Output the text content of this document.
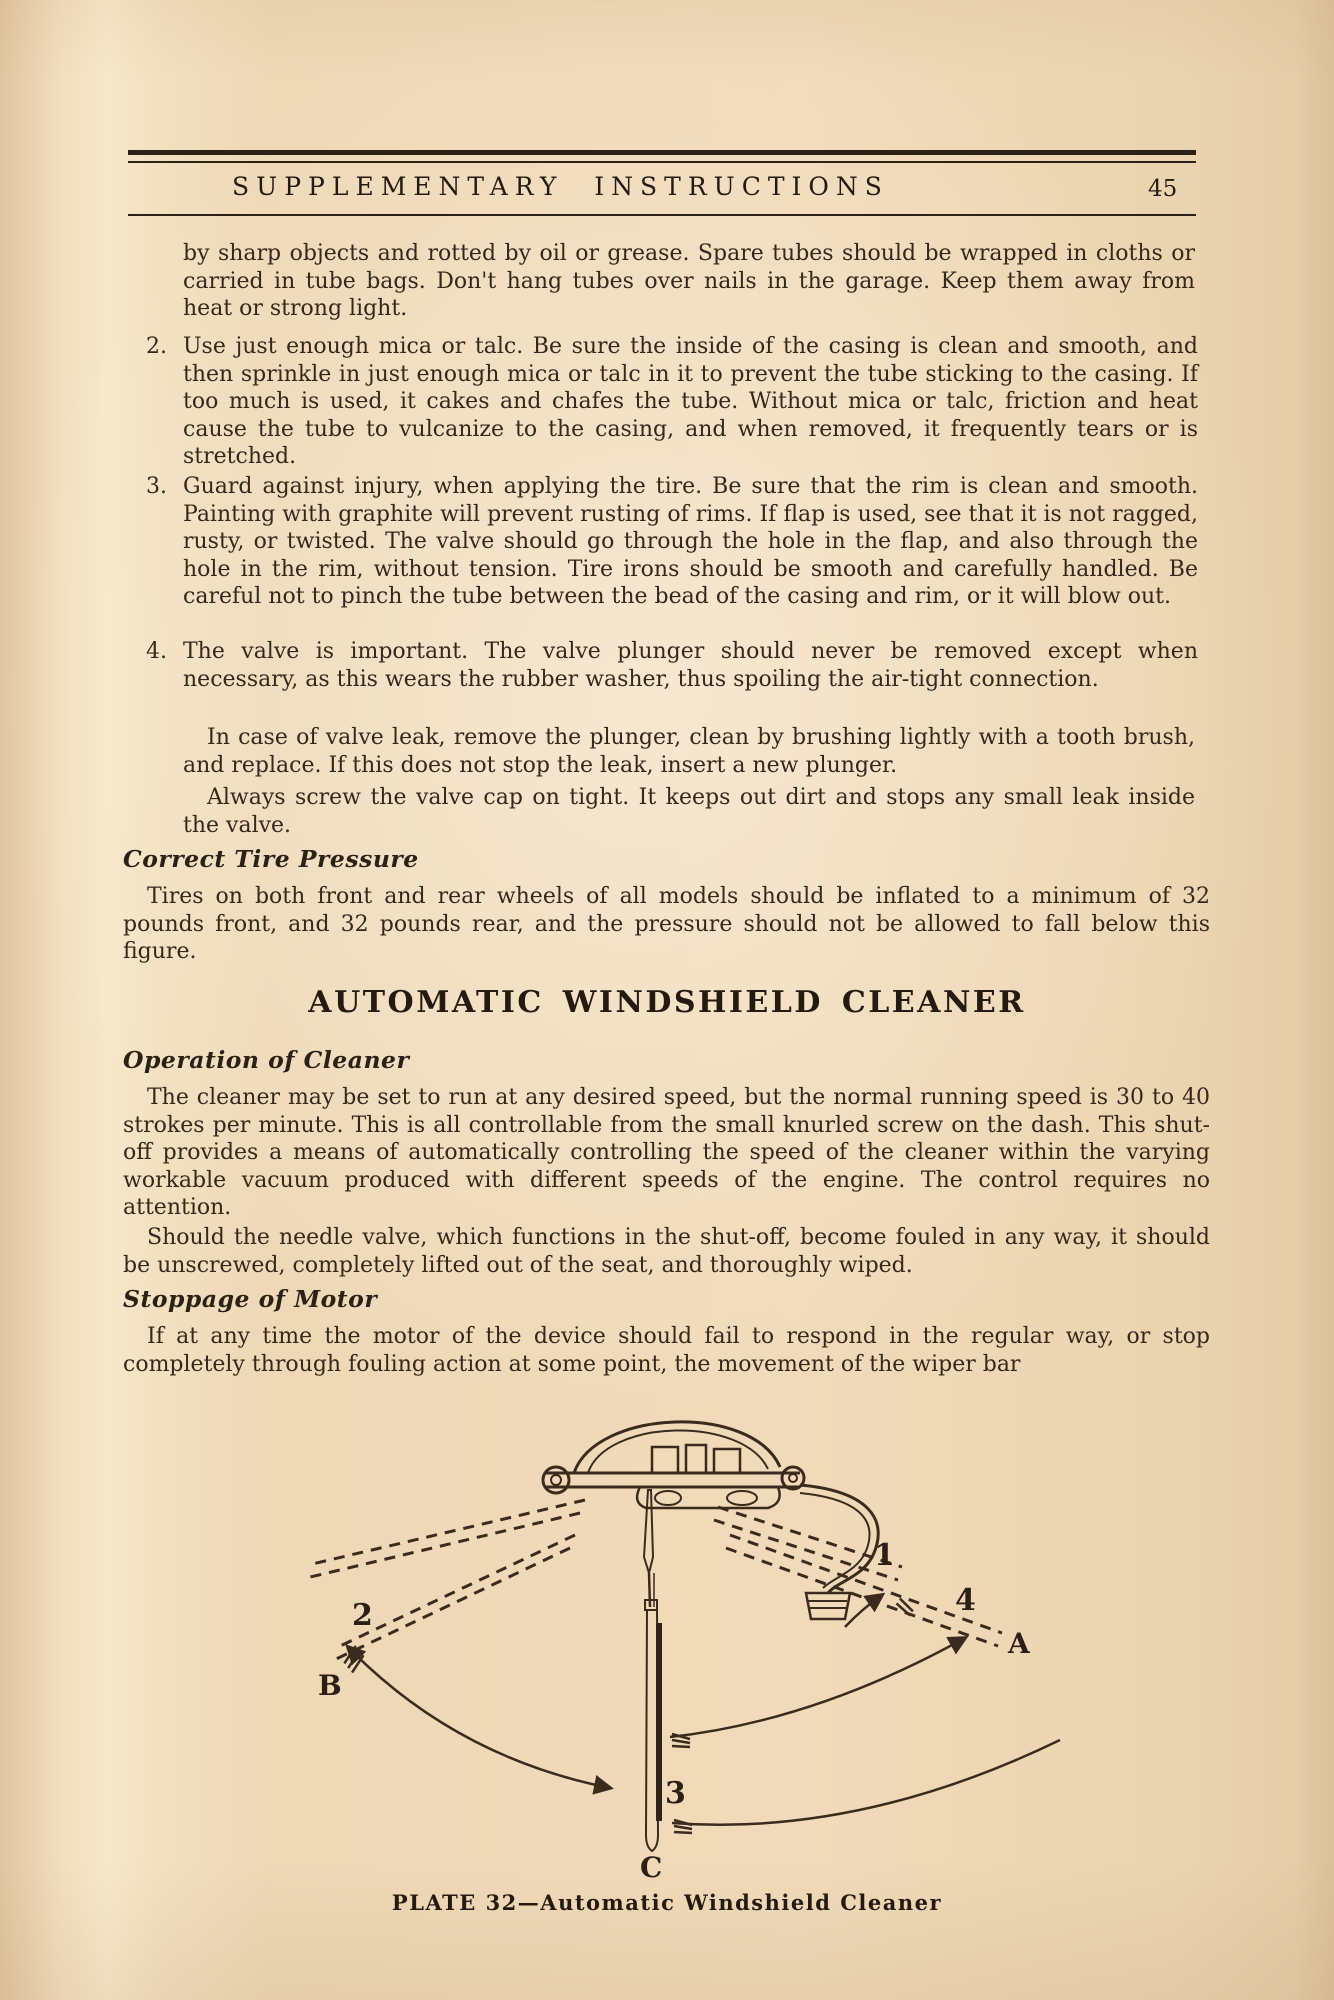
SUPPLEMENTARY INSTRUCTIONS	45
by sharp objects and rotted by oil or grease. Spare tubes should be wrapped in cloths or carried in tube bags. Don't hang tubes over nails in the garage. Keep them away from heat or strong light.
2. Use just enough mica or talc. Be sure the inside of the casing is clean and smooth, and then sprinkle in just enough mica or talc in it to prevent the tube sticking to the casing. If too much is used, it cakes and chafes the tube. Without mica or talc, friction and heat cause the tube to vulcanize to the casing, and when removed, it frequently tears or is stretched.
3. Guard against injury, when applying the tire. Be sure that the rim is clean and smooth. Painting with graphite will prevent rusting of rims. If flap is used, see that it is not ragged, rusty, or twisted. The valve should go through the hole in the flap, and also through the hole in the rim, without tension. Tire irons should be smooth and carefully handled. Be careful not to pinch the tube between the bead of the casing and rim, or it will blow out.
4. The valve is important. The valve plunger should never be removed except when necessary, as this wears the rubber washer, thus spoiling the air-tight connection.
In case of valve leak, remove the plunger, clean by brushing lightly with a tooth brush, and replace. If this does not stop the leak, insert a new plunger.
Always screw the valve cap on tight. It keeps out dirt and stops any small leak inside the valve.
Correct Tire Pressure
Tires on both front and rear wheels of all models should be inflated to a minimum of 32 pounds front, and 32 pounds rear, and the pressure should not be allowed to fall below this figure.
AUTOMATIC WINDSHIELD CLEANER
Operation of Cleaner
The cleaner may be set to run at any desired speed, but the normal running speed is 30 to 40 strokes per minute. This is all controllable from the small knurled screw on the dash. This shut-off provides a means of automatically controlling the speed of the cleaner within the varying workable vacuum produced with different speeds of the engine. The control requires no attention.
Should the needle valve, which functions in the shut-off, become fouled in any way, it should be unscrewed, completely lifted out of the seat, and thoroughly wiped.
Stoppage of Motor
If at any time the motor of the device should fail to respond in the regular way, or stop completely through fouling action at some point, the movement of the wiper bar
2
B
1
4
A
3
C
PLATE 32—Automatic Windshield Cleaner
